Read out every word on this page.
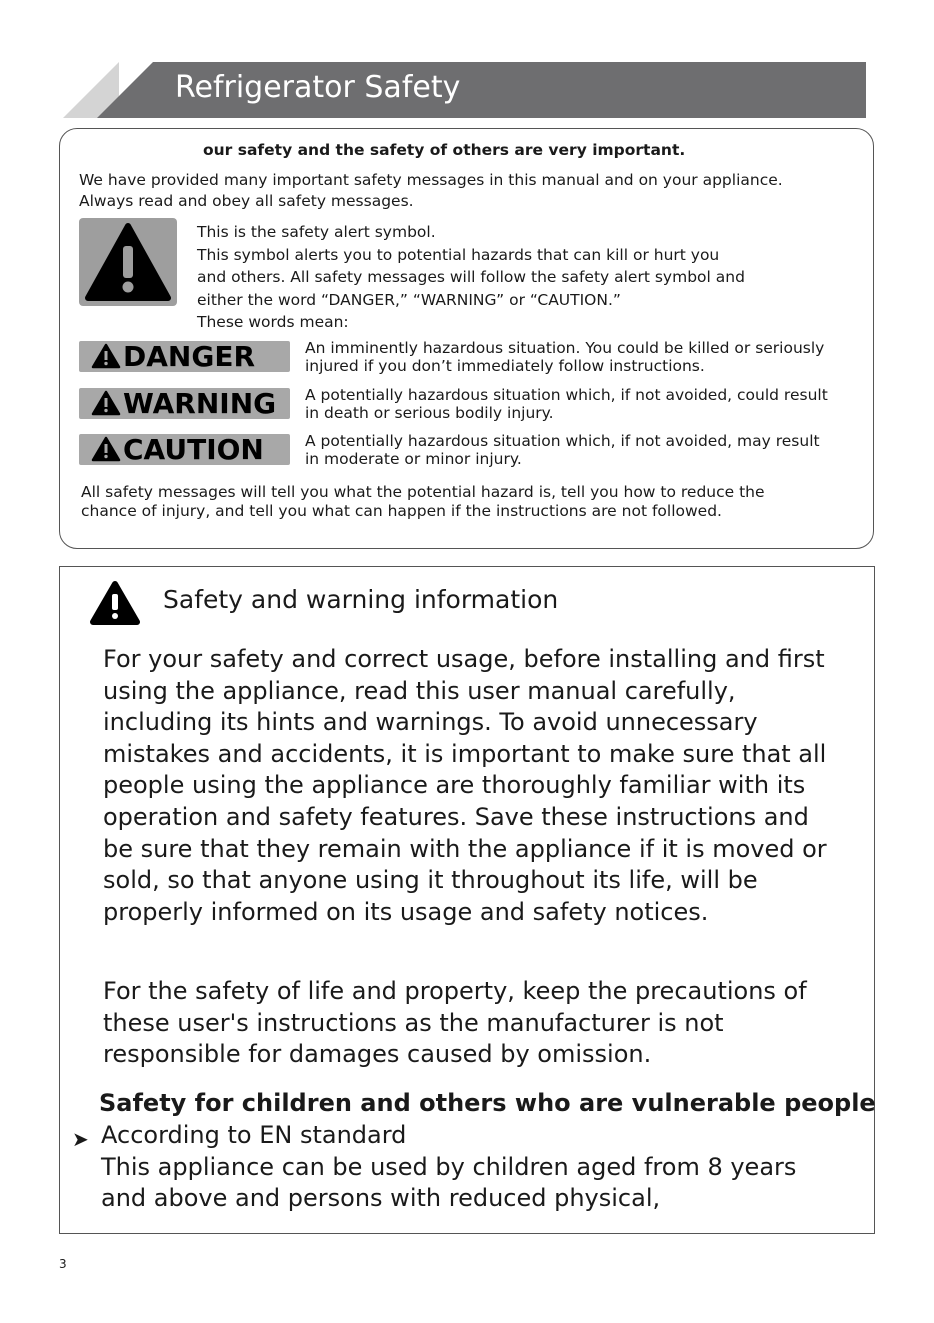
Refrigerator Safety
our safety and the safety of others are very important.
We have provided many important safety messages in this manual and on your appliance. Always read and obey all safety messages.
This is the safety alert symbol.
This symbol alerts you to potential hazards that can kill or hurt you
and others. All safety messages will follow the safety alert symbol and
either the word “DANGER,” “WARNING” or “CAUTION.”
These words mean:
DANGER	An imminently hazardous situation. You could be killed or seriously injured if you don’t immediately follow instructions.
WARNING	A potentially hazardous situation which, if not avoided, could result in death or serious bodily injury.
CAUTION	A potentially hazardous situation which, if not avoided, may result in moderate or minor injury.
All safety messages will tell you what the potential hazard is, tell you how to reduce the chance of injury, and tell you what can happen if the instructions are not followed.
Safety and warning information
For your safety and correct usage, before installing and first using the appliance, read this user manual carefully, including its hints and warnings. To avoid unnecessary mistakes and accidents, it is important to make sure that all people using the appliance are thoroughly familiar with its operation and safety features. Save these instructions and be sure that they remain with the appliance if it is moved or sold, so that anyone using it throughout its life, will be properly informed on its usage and safety notices.
For the safety of life and property, keep the precautions of these user's instructions as the manufacturer is not responsible for damages caused by omission.
Safety for children and others who are vulnerable people
➤ According to EN standard
This appliance can be used by children aged from 8 years and above and persons with reduced physical,
3
